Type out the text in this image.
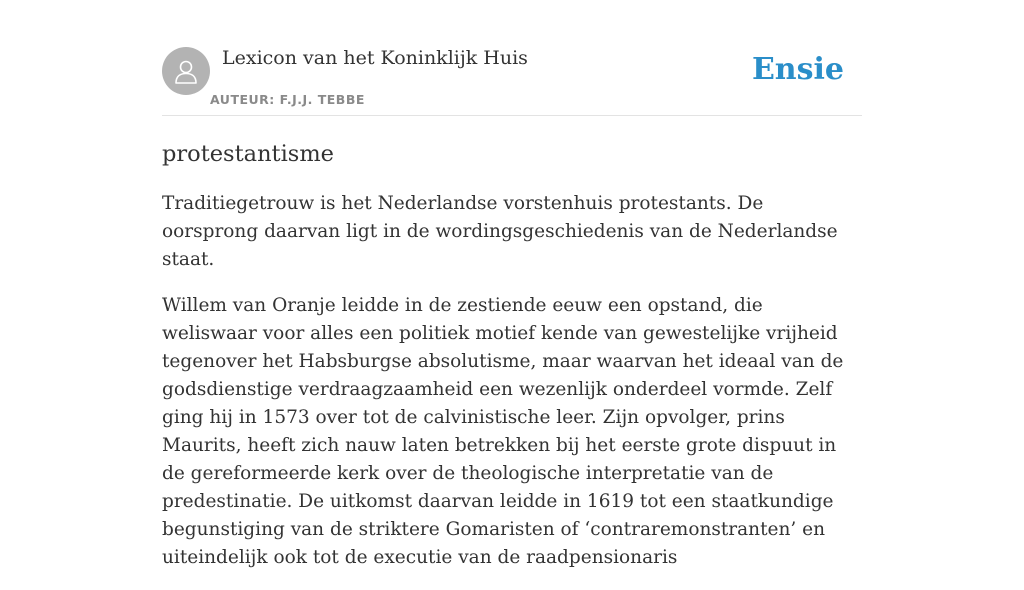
Lexicon van het Koninklijk Huis
AUTEUR: F.J.J. TEBBE
Ensie
protestantisme

Traditiegetrouw is het Nederlandse vorstenhuis protestants. De oorsprong daarvan ligt in de wordingsgeschiedenis van de Nederlandse staat.

Willem van Oranje leidde in de zestiende eeuw een opstand, die weliswaar voor alles een politiek motief kende van gewestelijke vrijheid tegenover het Habsburgse absolutisme, maar waarvan het ideaal van de godsdienstige verdraagzaamheid een wezenlijk onderdeel vormde. Zelf ging hij in 1573 over tot de calvinistische leer. Zijn opvolger, prins Maurits, heeft zich nauw laten betrekken bij het eerste grote dispuut in de gereformeerde kerk over de theologische interpretatie van de predestinatie. De uitkomst daarvan leidde in 1619 tot een staatkundige begunstiging van de striktere Gomaristen of ‘contraremonstranten’ en uiteindelijk ook tot de executie van de raadpensionaris
